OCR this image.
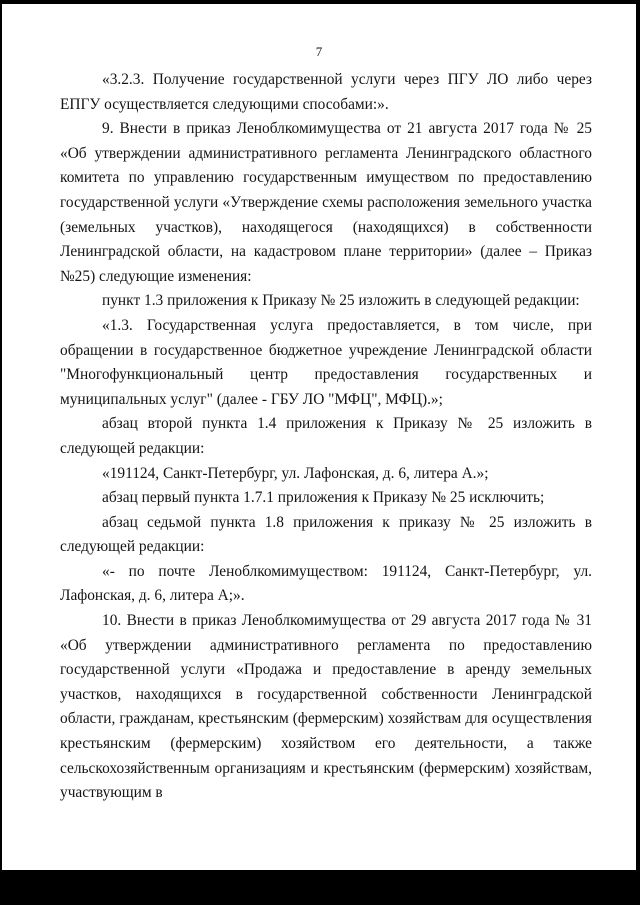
7

«3.2.3. Получение государственной услуги через ПГУ ЛО либо через ЕПГУ осуществляется следующими способами:».

9. Внести в приказ Леноблкомимущества от 21 августа 2017 года № 25 «Об утверждении административного регламента Ленинградского областного комитета по управлению государственным имуществом по предоставлению государственной услуги «Утверждение схемы расположения земельного участка (земельных участков), находящегося (находящихся) в собственности Ленинградской области, на кадастровом плане территории» (далее – Приказ №25) следующие изменения:

пункт 1.3 приложения к Приказу № 25 изложить в следующей редакции:

«1.3. Государственная услуга предоставляется, в том числе, при обращении в государственное бюджетное учреждение Ленинградской области "Многофункциональный центр предоставления государственных и муниципальных услуг" (далее - ГБУ ЛО "МФЦ", МФЦ).»;

абзац второй пункта 1.4 приложения к Приказу № 25 изложить в следующей редакции:

«191124, Санкт-Петербург, ул. Лафонская, д. 6, литера А.»;

абзац первый пункта 1.7.1 приложения к Приказу № 25 исключить;

абзац седьмой пункта 1.8 приложения к приказу № 25 изложить в следующей редакции:

«- по почте Леноблкомимуществом: 191124, Санкт-Петербург, ул. Лафонская, д. 6, литера А;».

10. Внести в приказ Леноблкомимущества от 29 августа 2017 года № 31 «Об утверждении административного регламента по предоставлению государственной услуги «Продажа и предоставление в аренду земельных участков, находящихся в государственной собственности Ленинградской области, гражданам, крестьянским (фермерским) хозяйствам для осуществления крестьянским (фермерским) хозяйством его деятельности, а также сельскохозяйственным организациям и крестьянским (фермерским) хозяйствам, участвующим в
